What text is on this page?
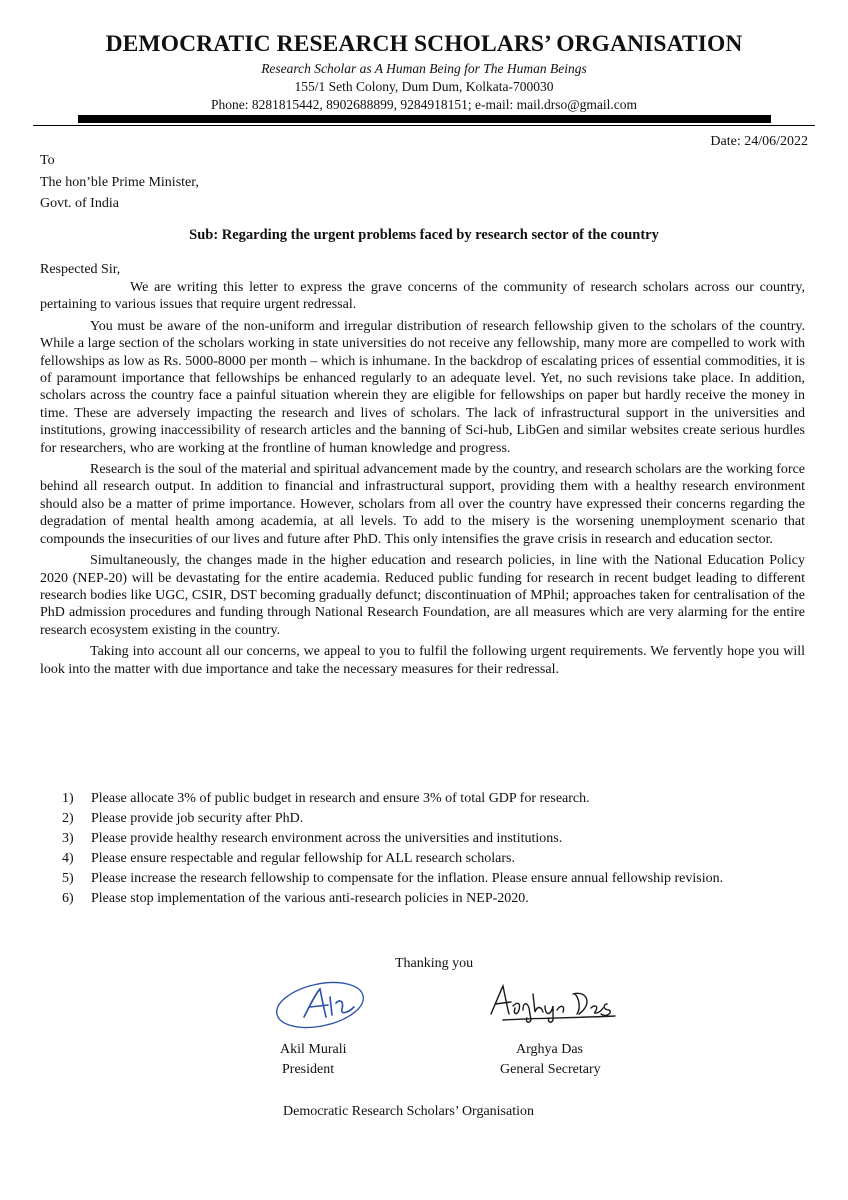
DEMOCRATIC RESEARCH SCHOLARS’ ORGANISATION
Research Scholar as A Human Being for The Human Beings
155/1 Seth Colony, Dum Dum, Kolkata-700030
Phone: 8281815442, 8902688899, 9284918151; e-mail: mail.drso@gmail.com
Date: 24/06/2022
To
The hon’ble Prime Minister,
Govt. of India
Sub: Regarding the urgent problems faced by research sector of the country
Respected Sir,

We are writing this letter to express the grave concerns of the community of research scholars across our country, pertaining to various issues that require urgent redressal.

You must be aware of the non-uniform and irregular distribution of research fellowship given to the scholars of the country. While a large section of the scholars working in state universities do not receive any fellowship, many more are compelled to work with fellowships as low as Rs. 5000-8000 per month – which is inhumane. In the backdrop of escalating prices of essential commodities, it is of paramount importance that fellowships be enhanced regularly to an adequate level. Yet, no such revisions take place. In addition, scholars across the country face a painful situation wherein they are eligible for fellowships on paper but hardly receive the money in time. These are adversely impacting the research and lives of scholars. The lack of infrastructural support in the universities and institutions, growing inaccessibility of research articles and the banning of Sci-hub, LibGen and similar websites create serious hurdles for researchers, who are working at the frontline of human knowledge and progress.

Research is the soul of the material and spiritual advancement made by the country, and research scholars are the working force behind all research output. In addition to financial and infrastructural support, providing them with a healthy research environment should also be a matter of prime importance. However, scholars from all over the country have expressed their concerns regarding the degradation of mental health among academia, at all levels. To add to the misery is the worsening unemployment scenario that compounds the insecurities of our lives and future after PhD. This only intensifies the grave crisis in research and education sector.

Simultaneously, the changes made in the higher education and research policies, in line with the National Education Policy 2020 (NEP-20) will be devastating for the entire academia. Reduced public funding for research in recent budget leading to different research bodies like UGC, CSIR, DST becoming gradually defunct; discontinuation of MPhil; approaches taken for centralisation of the PhD admission procedures and funding through National Research Foundation, are all measures which are very alarming for the entire research ecosystem existing in the country.

Taking into account all our concerns, we appeal to you to fulfil the following urgent requirements. We fervently hope you will look into the matter with due importance and take the necessary measures for their redressal.

1) Please allocate 3% of public budget in research and ensure 3% of total GDP for research.
2) Please provide job security after PhD.
3) Please provide healthy research environment across the universities and institutions.
4) Please ensure respectable and regular fellowship for ALL research scholars.
5) Please increase the research fellowship to compensate for the inflation. Please ensure annual fellowship revision.
6) Please stop implementation of the various anti-research policies in NEP-2020.
Thanking you
Akil Murali
President
Arghya Das
General Secretary
Democratic Research Scholars’ Organisation
